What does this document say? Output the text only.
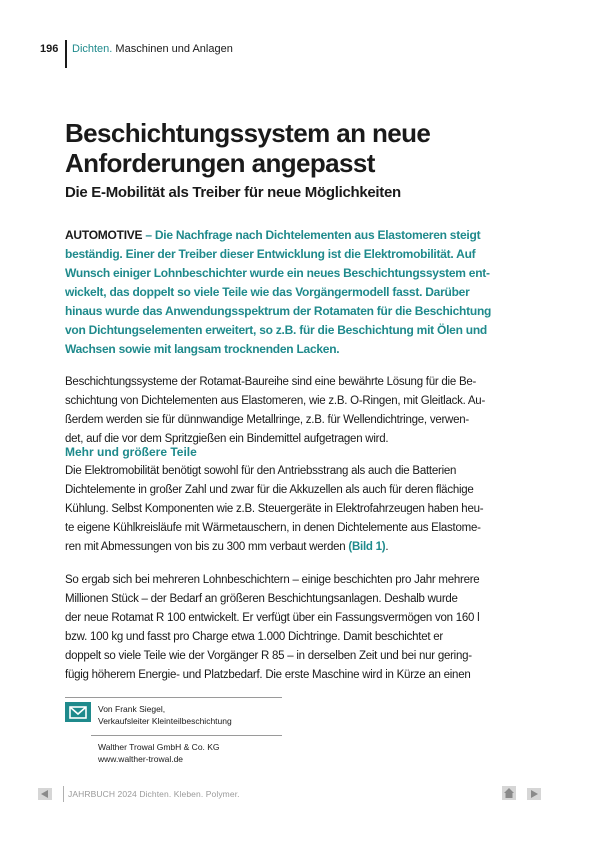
196 Dichten. Maschinen und Anlagen
Beschichtungssystem an neue
Anforderungen angepasst
Die E-Mobilität als Treiber für neue Möglichkeiten
AUTOMOTIVE – Die Nachfrage nach Dichtelementen aus Elastomeren steigt
beständig. Einer der Treiber dieser Entwicklung ist die Elektromobilität. Auf
Wunsch einiger Lohnbeschichter wurde ein neues Beschichtungssystem ent-
wickelt, das doppelt so viele Teile wie das Vorgängermodell fasst. Darüber
hinaus wurde das Anwendungsspektrum der Rotamaten für die Beschichtung
von Dichtungselementen erweitert, so z.B. für die Beschichtung mit Ölen und
Wachsen sowie mit langsam trocknenden Lacken.
Beschichtungssysteme der Rotamat-Baureihe sind eine bewährte Lösung für die Be-
schichtung von Dichtelementen aus Elastomeren, wie z.B. O-Ringen, mit Gleitlack. Au-
ßerdem werden sie für dünnwandige Metallringe, z.B. für Wellendichtringe, verwen-
det, auf die vor dem Spritzgießen ein Bindemittel aufgetragen wird.
Mehr und größere Teile
Die Elektromobilität benötigt sowohl für den Antriebsstrang als auch die Batterien
Dichtelemente in großer Zahl und zwar für die Akkuzellen als auch für deren flächige
Kühlung. Selbst Komponenten wie z.B. Steuergeräte in Elektrofahrzeugen haben heu-
te eigene Kühlkreisläufe mit Wärmetauschern, in denen Dichtelemente aus Elastome-
ren mit Abmessungen von bis zu 300 mm verbaut werden (Bild 1).
So ergab sich bei mehreren Lohnbeschichtern – einige beschichten pro Jahr mehrere
Millionen Stück – der Bedarf an größeren Beschichtungsanlagen. Deshalb wurde
der neue Rotamat R 100 entwickelt. Er verfügt über ein Fassungsvermögen von 160 l
bzw. 100 kg und fasst pro Charge etwa 1.000 Dichtringe. Damit beschichtet er
doppelt so viele Teile wie der Vorgänger R 85 – in derselben Zeit und bei nur gering-
fügig höherem Energie- und Platzbedarf. Die erste Maschine wird in Kürze an einen
Von Frank Siegel,
Verkaufsleiter Kleinteilbeschichtung
Walther Trowal GmbH & Co. KG
www.walther-trowal.de
JAHRBUCH 2024 Dichten. Kleben. Polymer.
